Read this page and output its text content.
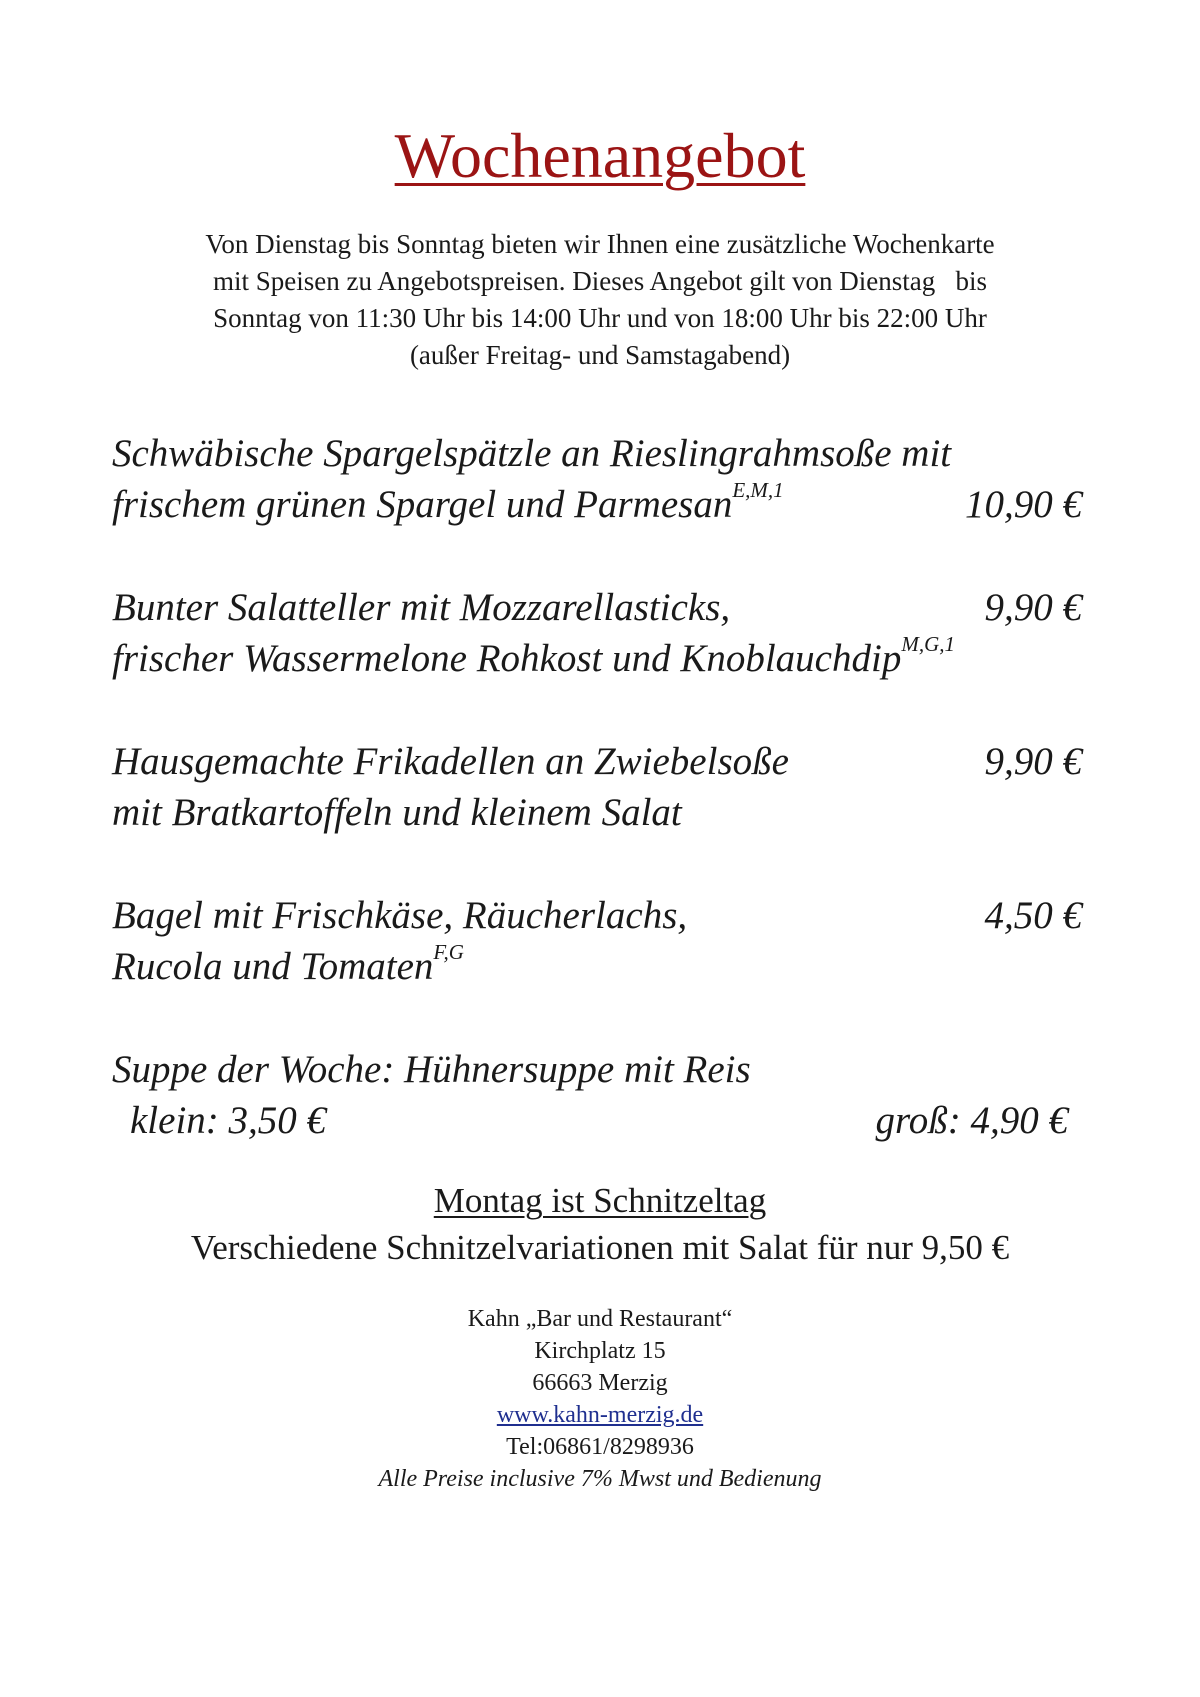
Wochenangebot
Von Dienstag bis Sonntag bieten wir Ihnen eine zusätzliche Wochenkarte
mit Speisen zu Angebotspreisen. Dieses Angebot gilt von Dienstag   bis
Sonntag von 11:30 Uhr bis 14:00 Uhr und von 18:00 Uhr bis 22:00 Uhr
(außer Freitag- und Samstagabend)
Schwäbische Spargelspätzle an Rieslingrahmsoße mit
frischem grünen Spargel und Parmesan$^{E,M,1}$	10,90 €
Bunter Salatteller mit Mozzarellasticks,	9,90 €
frischer Wassermelone Rohkost und Knoblauchdip$^{M,G,1}$
Hausgemachte Frikadellen an Zwiebelsoße	9,90 €
mit Bratkartoffeln und kleinem Salat
Bagel mit Frischkäse, Räucherlachs,	4,50 €
Rucola und Tomaten$^{F,G}$
Suppe der Woche: Hühnersuppe mit Reis
klein: 3,50 €	groß: 4,90 €
Montag ist Schnitzeltag
Verschiedene Schnitzelvariationen mit Salat für nur 9,50 €
Kahn „Bar und Restaurant“
Kirchplatz 15
66663 Merzig
www.kahn-merzig.de
Tel:06861/8298936
Alle Preise inclusive 7% Mwst und Bedienung
